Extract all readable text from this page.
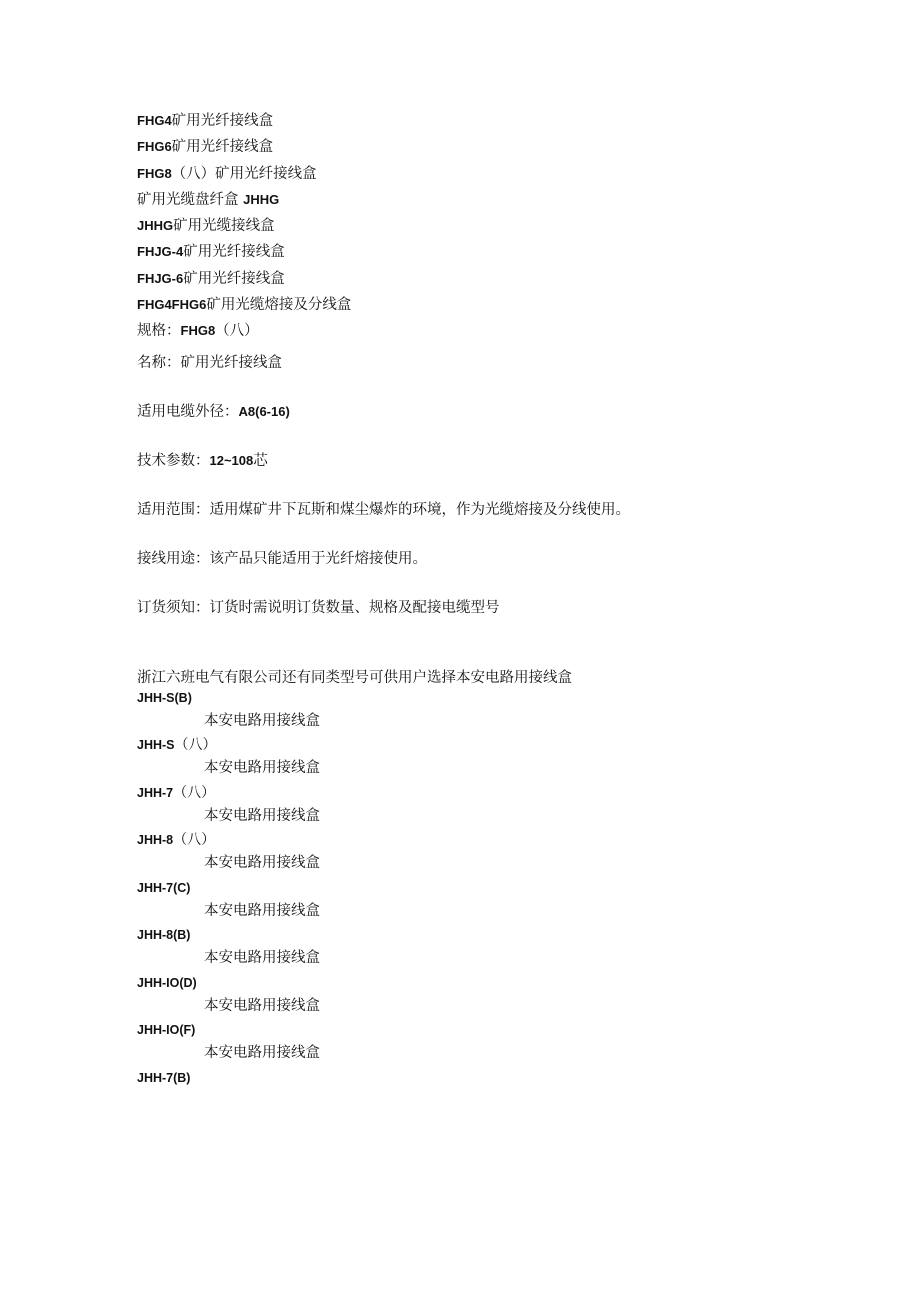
FHG4矿用光纤接线盒
FHG6矿用光纤接线盒
FHG8（八）矿用光纤接线盒
矿用光缆盘纤盒 JHHG
JHHG矿用光缆接线盒
FHJG-4矿用光纤接线盒
FHJG-6矿用光纤接线盒
FHG4FHG6矿用光缆熔接及分线盒
规格：FHG8（八）
名称：矿用光纤接线盒
适用电缆外径：A8(6-16)
技术参数：12~108芯
适用范围：适用煤矿井下瓦斯和煤尘爆炸的环境，作为光缆熔接及分线使用。
接线用途：该产品只能适用于光纤熔接使用。
订货须知：订货时需说明订货数量、规格及配接电缆型号
浙江六班电气有限公司还有同类型号可供用户选择本安电路用接线盒
JHH-S(B)
本安电路用接线盒
JHH-S（八）
本安电路用接线盒
JHH-7（八）
本安电路用接线盒
JHH-8（八）
本安电路用接线盒
JHH-7(C)
本安电路用接线盒
JHH-8(B)
本安电路用接线盒
JHH-IO(D)
本安电路用接线盒
JHH-IO(F)
本安电路用接线盒
JHH-7(B)
